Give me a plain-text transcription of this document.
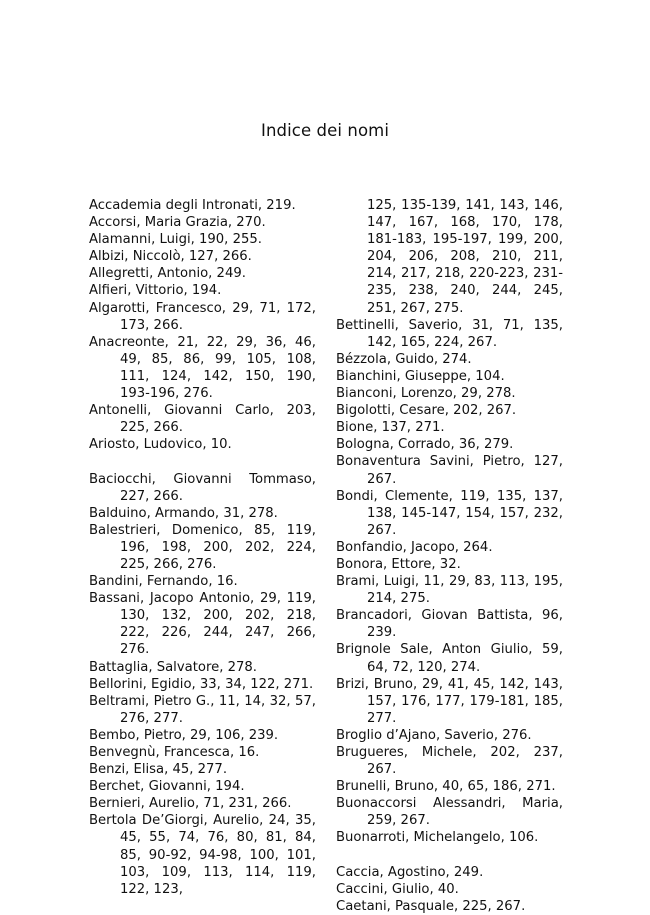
Indice dei nomi
Accademia degli Intronati, 219.
Accorsi, Maria Grazia, 270.
Alamanni, Luigi, 190, 255.
Albizi, Niccolò, 127, 266.
Allegretti, Antonio, 249.
Alfieri, Vittorio, 194.
Algarotti, Francesco, 29, 71, 172, 173, 266.
Anacreonte, 21, 22, 29, 36, 46, 49, 85, 86, 99, 105, 108, 111, 124, 142, 150, 190, 193-196, 276.
Antonelli, Giovanni Carlo, 203, 225, 266.
Ariosto, Ludovico, 10.
Baciocchi, Giovanni Tommaso, 227, 266.
Balduino, Armando, 31, 278.
Balestrieri, Domenico, 85, 119, 196, 198, 200, 202, 224, 225, 266, 276.
Bandini, Fernando, 16.
Bassani, Jacopo Antonio, 29, 119, 130, 132, 200, 202, 218, 222, 226, 244, 247, 266, 276.
Battaglia, Salvatore, 278.
Bellorini, Egidio, 33, 34, 122, 271.
Beltrami, Pietro G., 11, 14, 32, 57, 276, 277.
Bembo, Pietro, 29, 106, 239.
Benvegnù, Francesca, 16.
Benzi, Elisa, 45, 277.
Berchet, Giovanni, 194.
Bernieri, Aurelio, 71, 231, 266.
Bertola De’Giorgi, Aurelio, 24, 35, 45, 55, 74, 76, 80, 81, 84, 85, 90-92, 94-98, 100, 101, 103, 109, 113, 114, 119, 122, 123,
125, 135-139, 141, 143, 146, 147, 167, 168, 170, 178, 181-183, 195-197, 199, 200, 204, 206, 208, 210, 211, 214, 217, 218, 220-223, 231-235, 238, 240, 244, 245, 251, 267, 275.
Bettinelli, Saverio, 31, 71, 135, 142, 165, 224, 267.
Bézzola, Guido, 274.
Bianchini, Giuseppe, 104.
Bianconi, Lorenzo, 29, 278.
Bigolotti, Cesare, 202, 267.
Bione, 137, 271.
Bologna, Corrado, 36, 279.
Bonaventura Savini, Pietro, 127, 267.
Bondi, Clemente, 119, 135, 137, 138, 145-147, 154, 157, 232, 267.
Bonfandio, Jacopo, 264.
Bonora, Ettore, 32.
Brami, Luigi, 11, 29, 83, 113, 195, 214, 275.
Brancadori, Giovan Battista, 96, 239.
Brignole Sale, Anton Giulio, 59, 64, 72, 120, 274.
Brizi, Bruno, 29, 41, 45, 142, 143, 157, 176, 177, 179-181, 185, 277.
Broglio d’Ajano, Saverio, 276.
Brugueres, Michele, 202, 237, 267.
Brunelli, Bruno, 40, 65, 186, 271.
Buonaccorsi Alessandri, Maria, 259, 267.
Buonarroti, Michelangelo, 106.
Caccia, Agostino, 249.
Caccini, Giulio, 40.
Caetani, Pasquale, 225, 267.
